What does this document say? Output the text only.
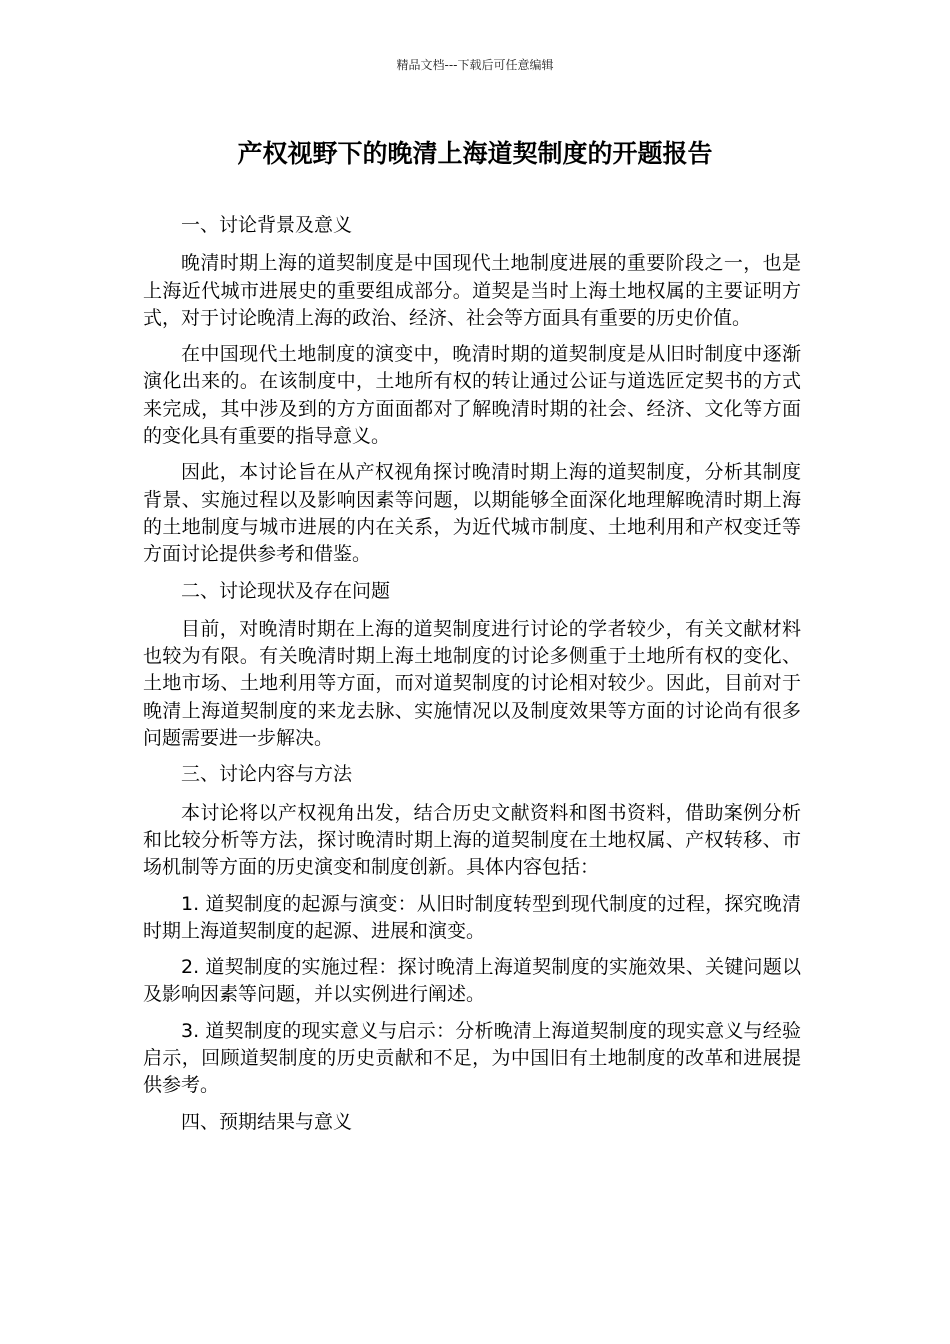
精品文档---下载后可任意编辑
产权视野下的晚清上海道契制度的开题报告

一、讨论背景及意义

晚清时期上海的道契制度是中国现代土地制度进展的重要阶段之一，也是上海近代城市进展史的重要组成部分。道契是当时上海土地权属的主要证明方式，对于讨论晚清上海的政治、经济、社会等方面具有重要的历史价值。

在中国现代土地制度的演变中，晚清时期的道契制度是从旧时制度中逐渐演化出来的。在该制度中，土地所有权的转让通过公证与道选匠定契书的方式来完成，其中涉及到的方方面面都对了解晚清时期的社会、经济、文化等方面的变化具有重要的指导意义。

因此，本讨论旨在从产权视角探讨晚清时期上海的道契制度，分析其制度背景、实施过程以及影响因素等问题，以期能够全面深化地理解晚清时期上海的土地制度与城市进展的内在关系，为近代城市制度、土地利用和产权变迁等方面讨论提供参考和借鉴。

二、讨论现状及存在问题

目前，对晚清时期在上海的道契制度进行讨论的学者较少，有关文献材料也较为有限。有关晚清时期上海土地制度的讨论多侧重于土地所有权的变化、土地市场、土地利用等方面，而对道契制度的讨论相对较少。因此，目前对于晚清上海道契制度的来龙去脉、实施情况以及制度效果等方面的讨论尚有很多问题需要进一步解决。

三、讨论内容与方法

本讨论将以产权视角出发，结合历史文献资料和图书资料，借助案例分析和比较分析等方法，探讨晚清时期上海的道契制度在土地权属、产权转移、市场机制等方面的历史演变和制度创新。具体内容包括：

1. 道契制度的起源与演变：从旧时制度转型到现代制度的过程，探究晚清时期上海道契制度的起源、进展和演变。

2. 道契制度的实施过程：探讨晚清上海道契制度的实施效果、关键问题以及影响因素等问题，并以实例进行阐述。

3. 道契制度的现实意义与启示：分析晚清上海道契制度的现实意义与经验启示，回顾道契制度的历史贡献和不足，为中国旧有土地制度的改革和进展提供参考。

四、预期结果与意义
